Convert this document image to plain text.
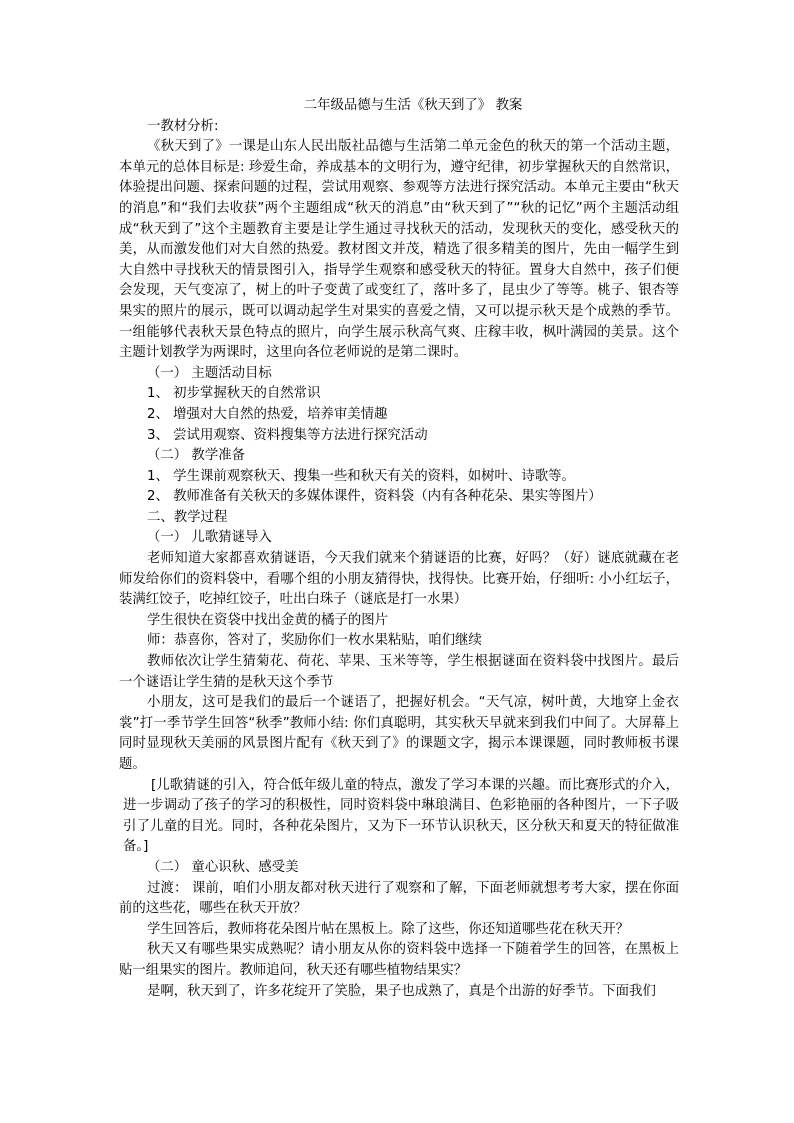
二年级品德与生活《秋天到了》 教案
一教材分析:
《秋天到了》一课是山东人民出版社品德与生活第二单元金色的秋天的第一个活动主题，本单元的总体目标是: 珍爱生命，养成基本的文明行为，遵守纪律，初步掌握秋天的自然常识，体验提出问题、探索问题的过程，尝试用观察、参观等方法进行探究活动。本单元主要由“秋天的消息”和“我们去收获”两个主题组成“秋天的消息”由“秋天到了”“秋的记忆”两个主题活动组成“秋天到了”这个主题教育主要是让学生通过寻找秋天的活动，发现秋天的变化，感受秋天的美，从而激发他们对大自然的热爱。教材图文并茂，精选了很多精美的图片，先由一幅学生到大自然中寻找秋天的情景图引入，指导学生观察和感受秋天的特征。置身大自然中，孩子们便会发现，天气变凉了，树上的叶子变黄了或变红了，落叶多了，昆虫少了等等。桃子、银杏等果实的照片的展示，既可以调动起学生对果实的喜爱之情，又可以提示秋天是个成熟的季节。一组能够代表秋天景色特点的照片，向学生展示秋高气爽、庄稼丰收，枫叶满园的美景。这个主题计划教学为两课时，这里向各位老师说的是第二课时。
（一） 主题活动目标
1、 初步掌握秋天的自然常识
2、 增强对大自然的热爱，培养审美情趣
3、 尝试用观察、资料搜集等方法进行探究活动
（二） 教学准备
1、 学生课前观察秋天、搜集一些和秋天有关的资料，如树叶、诗歌等。
2、 教师准备有关秋天的多媒体课件，资料袋（内有各种花朵、果实等图片）
二、教学过程
（一） 儿歌猜谜导入
老师知道大家都喜欢猜谜语，今天我们就来个猜谜语的比赛，好吗？（好）谜底就藏在老师发给你们的资料袋中，看哪个组的小朋友猜得快，找得快。比赛开始，仔细听: 小小红坛子，装满红饺子，吃掉红饺子，吐出白珠子（谜底是打一水果）
学生很快在资袋中找出金黄的橘子的图片
师：恭喜你，答对了，奖励你们一枚水果粘贴，咱们继续
教师依次让学生猜菊花、荷花、苹果、玉米等等，学生根据谜面在资料袋中找图片。最后一个谜语让学生猜的是秋天这个季节
小朋友，这可是我们的最后一个谜语了，把握好机会。“天气凉，树叶黄，大地穿上金衣裳”打一季节学生回答“秋季”教师小结: 你们真聪明，其实秋天早就来到我们中间了。大屏幕上同时显现秋天美丽的风景图片配有《秋天到了》的课题文字，揭示本课课题，同时教师板书课题。
[儿歌猜谜的引入，符合低年级儿童的特点，激发了学习本课的兴趣。而比赛形式的介入，进一步调动了孩子的学习的积极性，同时资料袋中琳琅满目、色彩艳丽的各种图片，一下子吸引了儿童的目光。同时，各种花朵图片，又为下一环节认识秋天，区分秋天和夏天的特征做准备。]
（二） 童心识秋、感受美
过渡： 课前，咱们小朋友都对秋天进行了观察和了解，下面老师就想考考大家，摆在你面前的这些花，哪些在秋天开放？
学生回答后，教师将花朵图片帖在黑板上。除了这些，你还知道哪些花在秋天开？
秋天又有哪些果实成熟呢？请小朋友从你的资料袋中选择一下随着学生的回答，在黑板上贴一组果实的图片。教师追问，秋天还有哪些植物结果实？
是啊，秋天到了，许多花绽开了笑脸，果子也成熟了，真是个出游的好季节。下面我们
